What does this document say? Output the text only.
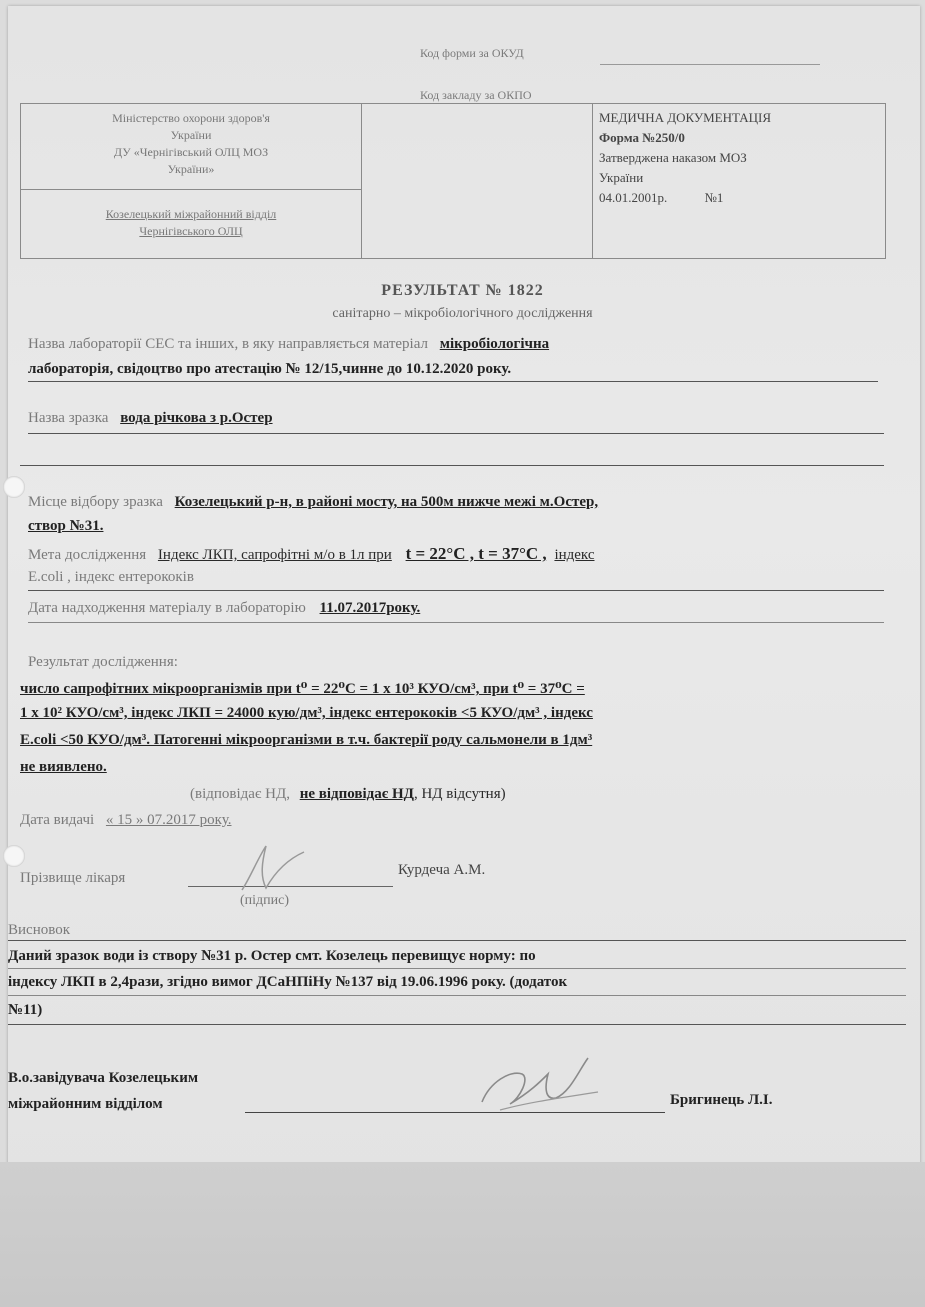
Код форми за ОКУД
Код закладу за ОКПО
Міністерство охорони здоров'я
України
ДУ «Чернігівський ОЛЦ МОЗ
України»

МЕДИЧНА ДОКУМЕНТАЦІЯ
Форма №250/0
Затверджена наказом МОЗ
України
04.01.2001р.	№1

Козелецький міжрайонний відділ
Чернігівського ОЛЦ
РЕЗУЛЬТАТ № 1822
санітарно – мікробіологічного дослідження
Назва лабораторії СЕС та інших, в яку направляється матеріал мікробіологічна
лабораторія, свідоцтво про атестацію № 12/15,чинне до 10.12.2020 року.
Назва зразка вода річкова з р.Остер
Місце відбору зразка Козелецький р-н, в районі мосту, на 500м нижче межі м.Остер,
створ №31.
Мета дослідження Індекс ЛКП, сапрофітні м/о в 1л при t = 22°C , t = 37°C , індекс
E.coli , індекс ентерококів
Дата надходження матеріалу в лабораторію 11.07.2017року.
Результат дослідження:
число сапрофітних мікроорганізмів при t⁰ = 22⁰C = 1 х 10³ КУО/см³, при t⁰ = 37⁰C =
1 х 10² КУО/см³, індекс ЛКП = 24000 кую/дм³, індекс ентерококів <5 КУО/дм³ , індекс
E.coli <50 КУО/дм³. Патогенні мікроорганізми в т.ч. бактерії роду сальмонели в 1дм³
не виявлено.
(відповідає НД, не відповідає НД, НД відсутня)
Дата видачі « 15 » 07.2017 року.
Прізвище лікаря	Курдеча А.М.
(підпис)
Висновок
Даний зразок води із створу №31 р. Остер смт. Козелець перевищує норму: по
індексу ЛКП в 2,4рази, згідно вимог ДСаНПіНу №137 від 19.06.1996 року. (додаток
№11)
В.о.завідувача Козелецьким
міжрайонним відділом	Бригинець Л.І.
